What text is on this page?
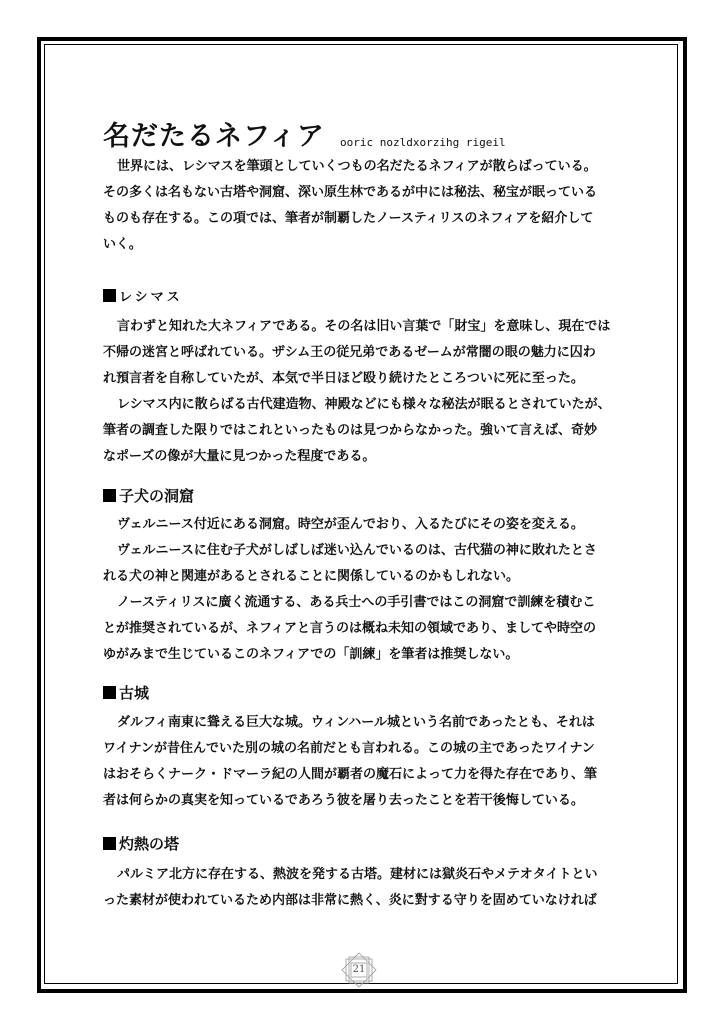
名だたるネフィア ooric nozldxorzihg rigeil
世界には、レシマスを筆頭としていくつもの名だたるネフィアが散らばっている。
その多くは名もない古塔や洞窟、深い原生林であるが中には秘法、秘宝が眠っている
ものも存在する。この項では、筆者が制覇したノースティリスのネフィアを紹介して
いく。
レシマス
言わずと知れた大ネフィアである。その名は旧い言葉で「財宝」を意味し、現在では
不帰の迷宮と呼ばれている。ザシム王の従兄弟であるゼームが常闇の眼の魅力に囚わ
れ預言者を自称していたが、本気で半日ほど殴り続けたところついに死に至った。
レシマス内に散らばる古代建造物、神殿などにも様々な秘法が眠るとされていたが、
筆者の調査した限りではこれといったものは見つからなかった。強いて言えば、奇妙
なポーズの像が大量に見つかった程度である。
子犬の洞窟
ヴェルニース付近にある洞窟。時空が歪んでおり、入るたびにその姿を変える。
ヴェルニースに住む子犬がしばしば迷い込んでいるのは、古代猫の神に敗れたとさ
れる犬の神と関連があるとされることに関係しているのかもしれない。
ノースティリスに廣く流通する、ある兵士への手引書ではこの洞窟で訓練を積むこ
とが推奨されているが、ネフィアと言うのは概ね未知の領域であり、ましてや時空の
ゆがみまで生じているこのネフィアでの「訓練」を筆者は推奨しない。
古城
ダルフィ南東に聳える巨大な城。ウィンハール城という名前であったとも、それは
ワイナンが昔住んでいた別の城の名前だとも言われる。この城の主であったワイナン
はおそらくナーク・ドマーラ紀の人間が覇者の魔石によって力を得た存在であり、筆
者は何らかの真実を知っているであろう彼を屠り去ったことを若干後悔している。
灼熱の塔
パルミア北方に存在する、熱波を発する古塔。建材には獄炎石やメテオタイトとい
った素材が使われているため内部は非常に熱く、炎に對する守りを固めていなければ
21
